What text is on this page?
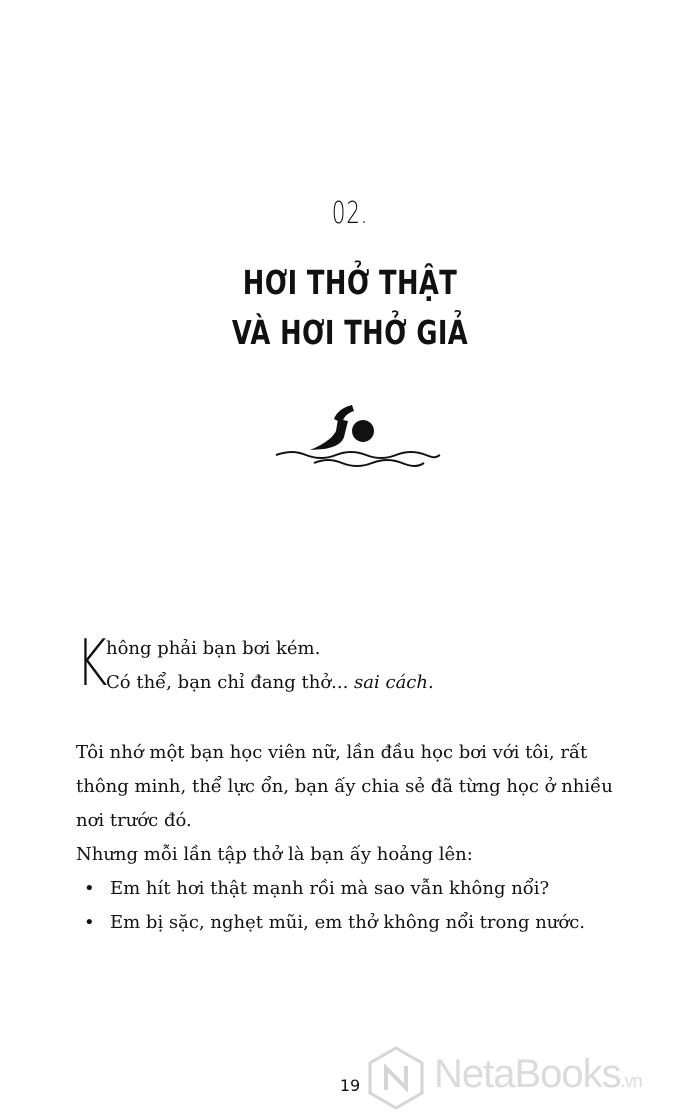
02.
HƠI THỞ THẬT
VÀ HƠI THỞ GIẢ
K
hông phải bạn bơi kém.
Có thể, bạn chỉ đang thở... sai cách.

Tôi nhớ một bạn học viên nữ, lần đầu học bơi với tôi, rất thông minh, thể lực ổn, bạn ấy chia sẻ đã từng học ở nhiều nơi trước đó.

Nhưng mỗi lần tập thở là bạn ấy hoảng lên:

• Em hít hơi thật mạnh rồi mà sao vẫn không nổi?
• Em bị sặc, nghẹt mũi, em thở không nổi trong nước.
19	NetaBooks.vn
